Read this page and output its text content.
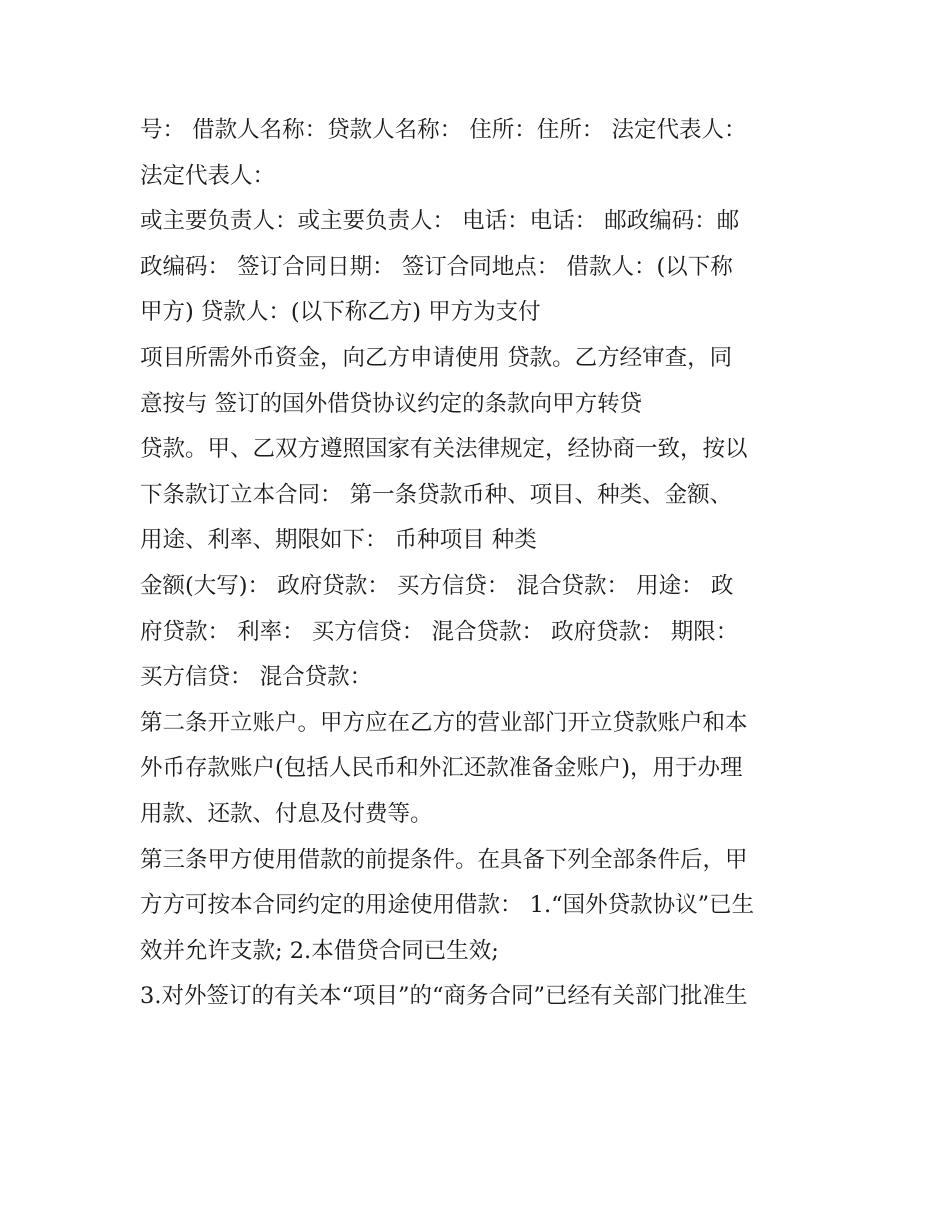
号： 借款人名称：贷款人名称： 住所：住所： 法定代表人：
法定代表人：
或主要负责人：或主要负责人： 电话：电话： 邮政编码：邮
政编码： 签订合同日期： 签订合同地点： 借款人：(以下称
甲方) 贷款人：(以下称乙方) 甲方为支付
项目所需外币资金，向乙方申请使用 贷款。乙方经审查，同
意按与 签订的国外借贷协议约定的条款向甲方转贷
贷款。甲、乙双方遵照国家有关法律规定，经协商一致，按以
下条款订立本合同： 第一条贷款币种、项目、种类、金额、
用途、利率、期限如下： 币种项目 种类
金额(大写)： 政府贷款： 买方信贷： 混合贷款： 用途： 政
府贷款： 利率： 买方信贷： 混合贷款： 政府贷款： 期限：
买方信贷： 混合贷款：
第二条开立账户。甲方应在乙方的营业部门开立贷款账户和本
外币存款账户(包括人民币和外汇还款准备金账户)，用于办理
用款、还款、付息及付费等。
第三条甲方使用借款的前提条件。在具备下列全部条件后，甲
方方可按本合同约定的用途使用借款： 1.“国外贷款协议”已生
效并允许支款; 2.本借贷合同已生效;
3.对外签订的有关本“项目”的“商务合同”已经有关部门批准生
